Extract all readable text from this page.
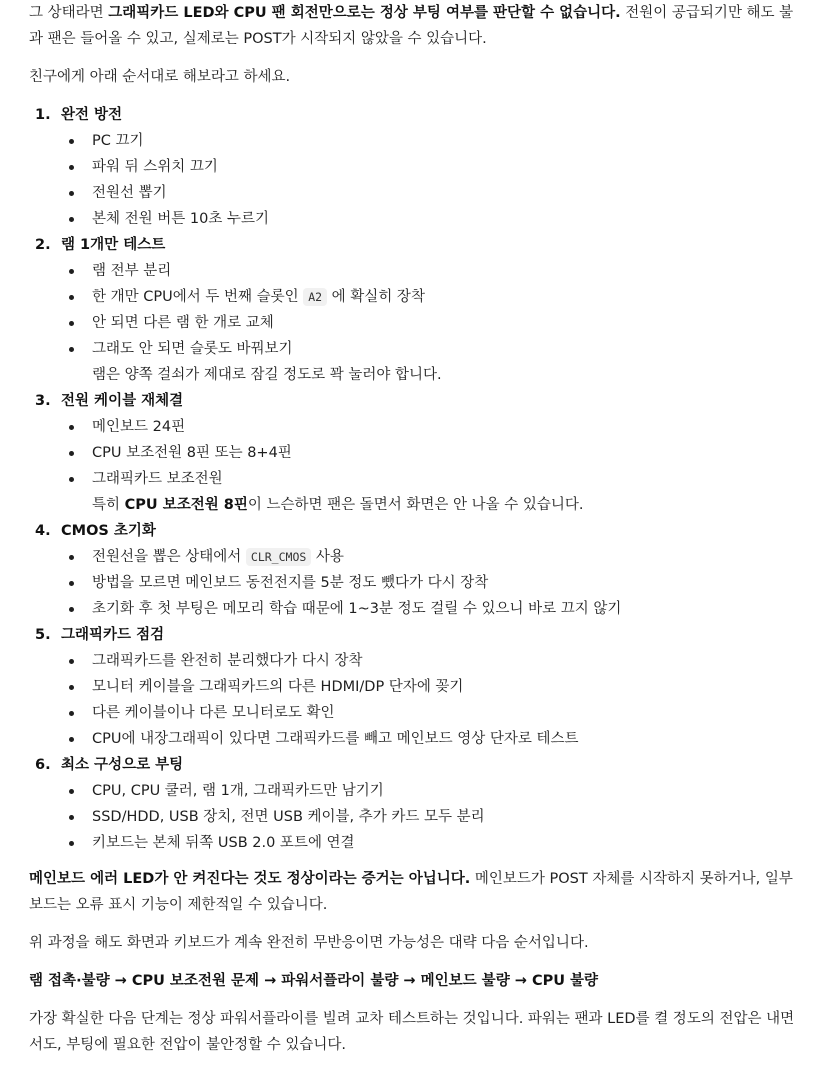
그 상태라면 그래픽카드 LED와 CPU 팬 회전만으로는 정상 부팅 여부를 판단할 수 없습니다. 전원이 공급되기만 해도 불과 팬은 들어올 수 있고, 실제로는 POST가 시작되지 않았을 수 있습니다.

친구에게 아래 순서대로 해보라고 하세요.

1. 완전 방전
PC 끄기
파워 뒤 스위치 끄기
전원선 뽑기
본체 전원 버튼 10초 누르기
2. 램 1개만 테스트
램 전부 분리
한 개만 CPU에서 두 번째 슬롯인 A2 에 확실히 장착
안 되면 다른 램 한 개로 교체
그래도 안 되면 슬롯도 바꿔보기

램은 양쪽 걸쇠가 제대로 잠길 정도로 꽉 눌러야 합니다.

3. 전원 케이블 재체결
메인보드 24핀
CPU 보조전원 8핀 또는 8+4핀
그래픽카드 보조전원

특히 CPU 보조전원 8핀이 느슨하면 팬은 돌면서 화면은 안 나올 수 있습니다.

4. CMOS 초기화
전원선을 뽑은 상태에서 CLR_CMOS 사용
방법을 모르면 메인보드 동전전지를 5분 정도 뺐다가 다시 장착
초기화 후 첫 부팅은 메모리 학습 때문에 1~3분 정도 걸릴 수 있으니 바로 끄지 않기
5. 그래픽카드 점검
그래픽카드를 완전히 분리했다가 다시 장착
모니터 케이블을 그래픽카드의 다른 HDMI/DP 단자에 꽂기
다른 케이블이나 다른 모니터로도 확인
CPU에 내장그래픽이 있다면 그래픽카드를 빼고 메인보드 영상 단자로 테스트
6. 최소 구성으로 부팅
CPU, CPU 쿨러, 램 1개, 그래픽카드만 남기기
SSD/HDD, USB 장치, 전면 USB 케이블, 추가 카드 모두 분리
키보드는 본체 뒤쪽 USB 2.0 포트에 연결

메인보드 에러 LED가 안 켜진다는 것도 정상이라는 증거는 아닙니다. 메인보드가 POST 자체를 시작하지 못하거나, 일부 보드는 오류 표시 기능이 제한적일 수 있습니다.

위 과정을 해도 화면과 키보드가 계속 완전히 무반응이면 가능성은 대략 다음 순서입니다.

램 접촉·불량 → CPU 보조전원 문제 → 파워서플라이 불량 → 메인보드 불량 → CPU 불량

가장 확실한 다음 단계는 정상 파워서플라이를 빌려 교차 테스트하는 것입니다. 파워는 팬과 LED를 켤 정도의 전압은 내면서도, 부팅에 필요한 전압이 불안정할 수 있습니다.
